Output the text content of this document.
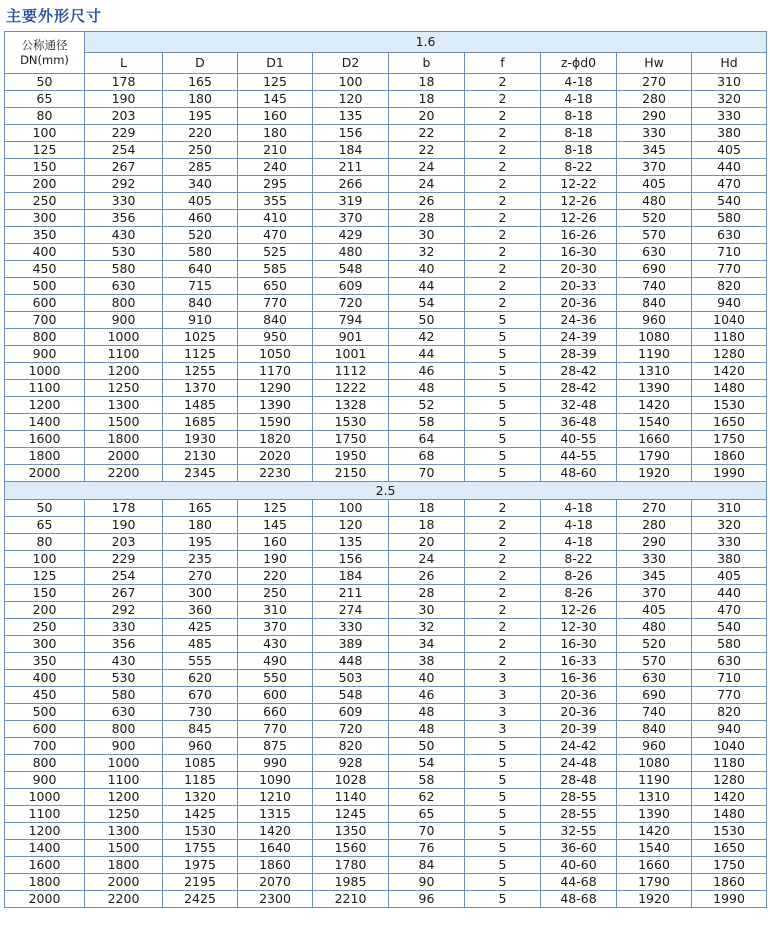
主要外形尺寸
公称通径
DN(mm)	1.6								
	L	D	D1	D2	b	f	z-ϕd0	Hw	Hd
50	178	165	125	100	18	2	4-18	270	310
65	190	180	145	120	18	2	4-18	280	320
80	203	195	160	135	20	2	8-18	290	330
100	229	220	180	156	22	2	8-18	330	380
125	254	250	210	184	22	2	8-18	345	405
150	267	285	240	211	24	2	8-22	370	440
200	292	340	295	266	24	2	12-22	405	470
250	330	405	355	319	26	2	12-26	480	540
300	356	460	410	370	28	2	12-26	520	580
350	430	520	470	429	30	2	16-26	570	630
400	530	580	525	480	32	2	16-30	630	710
450	580	640	585	548	40	2	20-30	690	770
500	630	715	650	609	44	2	20-33	740	820
600	800	840	770	720	54	2	20-36	840	940
700	900	910	840	794	50	5	24-36	960	1040
800	1000	1025	950	901	42	5	24-39	1080	1180
900	1100	1125	1050	1001	44	5	28-39	1190	1280
1000	1200	1255	1170	1112	46	5	28-42	1310	1420
1100	1250	1370	1290	1222	48	5	28-42	1390	1480
1200	1300	1485	1390	1328	52	5	32-48	1420	1530
1400	1500	1685	1590	1530	58	5	36-48	1540	1650
1600	1800	1930	1820	1750	64	5	40-55	1660	1750
1800	2000	2130	2020	1950	68	5	44-55	1790	1860
2000	2200	2345	2230	2150	70	5	48-60	1920	1990
2.5									
50	178	165	125	100	18	2	4-18	270	310
65	190	180	145	120	18	2	4-18	280	320
80	203	195	160	135	20	2	4-18	290	330
100	229	235	190	156	24	2	8-22	330	380
125	254	270	220	184	26	2	8-26	345	405
150	267	300	250	211	28	2	8-26	370	440
200	292	360	310	274	30	2	12-26	405	470
250	330	425	370	330	32	2	12-30	480	540
300	356	485	430	389	34	2	16-30	520	580
350	430	555	490	448	38	2	16-33	570	630
400	530	620	550	503	40	3	16-36	630	710
450	580	670	600	548	46	3	20-36	690	770
500	630	730	660	609	48	3	20-36	740	820
600	800	845	770	720	48	3	20-39	840	940
700	900	960	875	820	50	5	24-42	960	1040
800	1000	1085	990	928	54	5	24-48	1080	1180
900	1100	1185	1090	1028	58	5	28-48	1190	1280
1000	1200	1320	1210	1140	62	5	28-55	1310	1420
1100	1250	1425	1315	1245	65	5	28-55	1390	1480
1200	1300	1530	1420	1350	70	5	32-55	1420	1530
1400	1500	1755	1640	1560	76	5	36-60	1540	1650
1600	1800	1975	1860	1780	84	5	40-60	1660	1750
1800	2000	2195	2070	1985	90	5	44-68	1790	1860
2000	2200	2425	2300	2210	96	5	48-68	1920	1990
